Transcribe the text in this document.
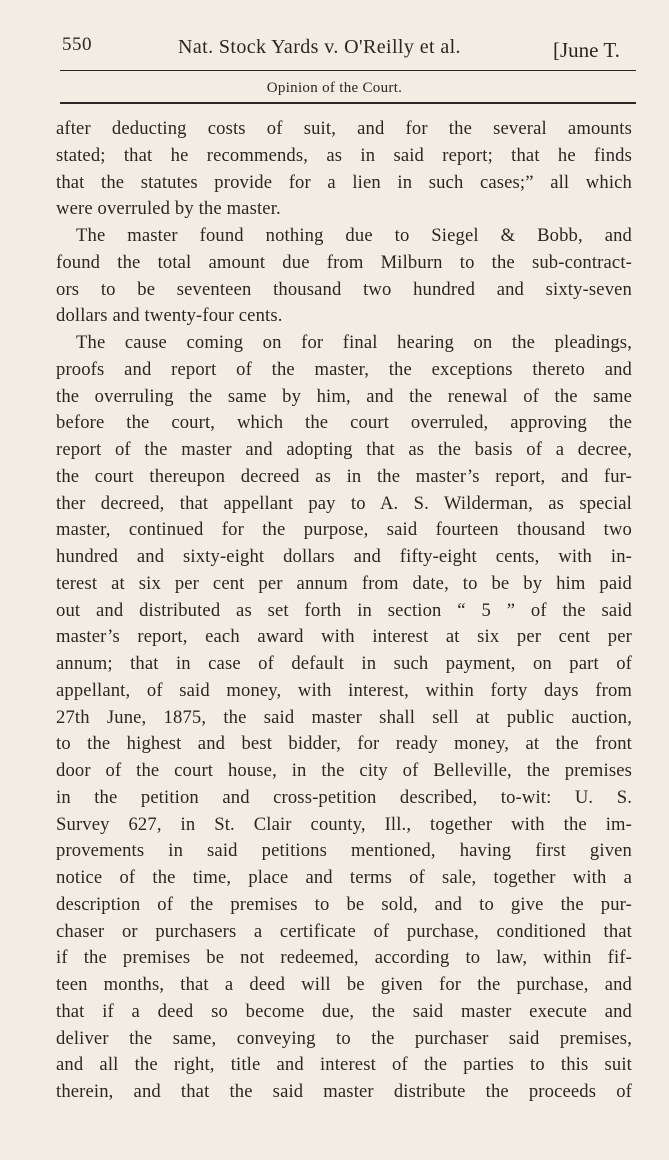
550	Nat. Stock Yards v. O'Reilly et al.	[June T.
Opinion of the Court.
after deducting costs of suit, and for the several amounts
stated; that he recommends, as in said report; that he finds
that the statutes provide for a lien in such cases;” all which
were overruled by the master.
The master found nothing due to Siegel & Bobb, and
found the total amount due from Milburn to the sub-contract-
ors to be seventeen thousand two hundred and sixty-seven
dollars and twenty-four cents.
The cause coming on for final hearing on the pleadings,
proofs and report of the master, the exceptions thereto and
the overruling the same by him, and the renewal of the same
before the court, which the court overruled, approving the
report of the master and adopting that as the basis of a decree,
the court thereupon decreed as in the master’s report, and fur-
ther decreed, that appellant pay to A. S. Wilderman, as special
master, continued for the purpose, said fourteen thousand two
hundred and sixty-eight dollars and fifty-eight cents, with in-
terest at six per cent per annum from date, to be by him paid
out and distributed as set forth in section “ 5 ” of the said
master’s report, each award with interest at six per cent per
annum; that in case of default in such payment, on part of
appellant, of said money, with interest, within forty days from
27th June, 1875, the said master shall sell at public auction,
to the highest and best bidder, for ready money, at the front
door of the court house, in the city of Belleville, the premises
in the petition and cross-petition described, to-wit: U. S.
Survey 627, in St. Clair county, Ill., together with the im-
provements in said petitions mentioned, having first given
notice of the time, place and terms of sale, together with a
description of the premises to be sold, and to give the pur-
chaser or purchasers a certificate of purchase, conditioned that
if the premises be not redeemed, according to law, within fif-
teen months, that a deed will be given for the purchase, and
that if a deed so become due, the said master execute and
deliver the same, conveying to the purchaser said premises,
and all the right, title and interest of the parties to this suit
therein, and that the said master distribute the proceeds of
